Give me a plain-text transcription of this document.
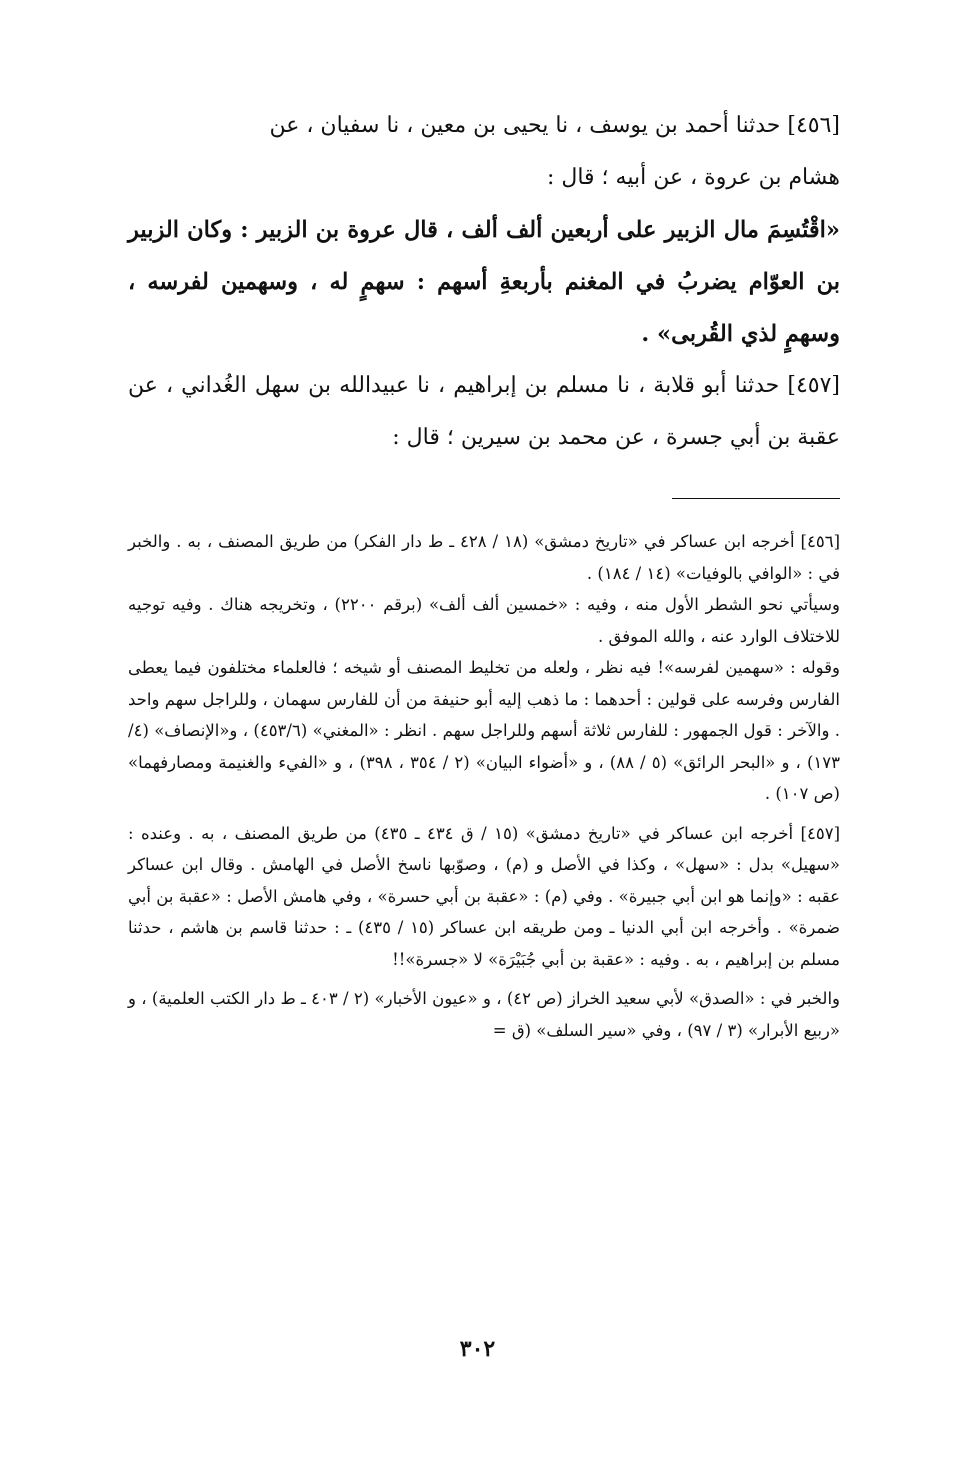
[٤٥٦] حدثنا أحمد بن يوسف ، نا يحيى بن معين ، نا سفيان ، عن

هشام بن عروة ، عن أبيه ؛ قال :

«اقْتُسِمَ مال الزبير على أربعين ألف ألف ، قال عروة بن الزبير : وكان الزبير بن العوّام يضربُ في المغنم بأربعةِ أسهم : سهمٍ له ، وسهمين لفرسه ، وسهمٍ لذي القُربى» .

[٤٥٧] حدثنا أبو قلابة ، نا مسلم بن إبراهيم ، نا عبيدالله بن سهل الغُداني ، عن عقبة بن أبي جسرة ، عن محمد بن سيرين ؛ قال :

[٤٥٦] أخرجه ابن عساكر في «تاريخ دمشق» (١٨ / ٤٢٨ ـ ط دار الفكر) من طريق المصنف ، به . والخبر في : «الوافي بالوفيات» (١٤ / ١٨٤) .

وسيأتي نحو الشطر الأول منه ، وفيه : «خمسين ألف ألف» (برقم ٢٢٠٠) ، وتخريجه هناك . وفيه توجيه للاختلاف الوارد عنه ، والله الموفق .

وقوله : «سهمين لفرسه»! فيه نظر ، ولعله من تخليط المصنف أو شيخه ؛ فالعلماء مختلفون فيما يعطى الفارس وفرسه على قولين : أحدهما : ما ذهب إليه أبو حنيفة من أن للفارس سهمان ، وللراجل سهم واحد . والآخر : قول الجمهور : للفارس ثلاثة أسهم وللراجل سهم . انظر : «المغني» (٤٥٣/٦) ، و«الإنصاف» (٤/ ١٧٣) ، و «البحر الرائق» (٥ / ٨٨) ، و «أضواء البيان» (٢ / ٣٥٤ ، ٣٩٨) ، و «الفيء والغنيمة ومصارفهما» (ص ١٠٧) .

[٤٥٧] أخرجه ابن عساكر في «تاريخ دمشق» (١٥ / ق ٤٣٤ ـ ٤٣٥) من طريق المصنف ، به . وعنده : «سهيل» بدل : «سهل» ، وكذا في الأصل و (م) ، وصوّبها ناسخ الأصل في الهامش . وقال ابن عساكر عقبه : «وإنما هو ابن أبي جبيرة» . وفي (م) : «عقبة بن أبي حسرة» ، وفي هامش الأصل : «عقبة بن أبي ضمرة» . وأخرجه ابن أبي الدنيا ـ ومن طريقه ابن عساكر (١٥ / ٤٣٥) ـ : حدثنا قاسم بن هاشم ، حدثنا مسلم بن إبراهيم ، به . وفيه : «عقبة بن أبي جُبَيْرَة» لا «جسرة»!!

والخبر في : «الصدق» لأبي سعيد الخراز (ص ٤٢) ، و «عيون الأخبار» (٢ / ٤٠٣ ـ ط دار الكتب العلمية) ، و «ربيع الأبرار» (٣ / ٩٧) ، وفي «سير السلف» (ق =

٣٠٢
